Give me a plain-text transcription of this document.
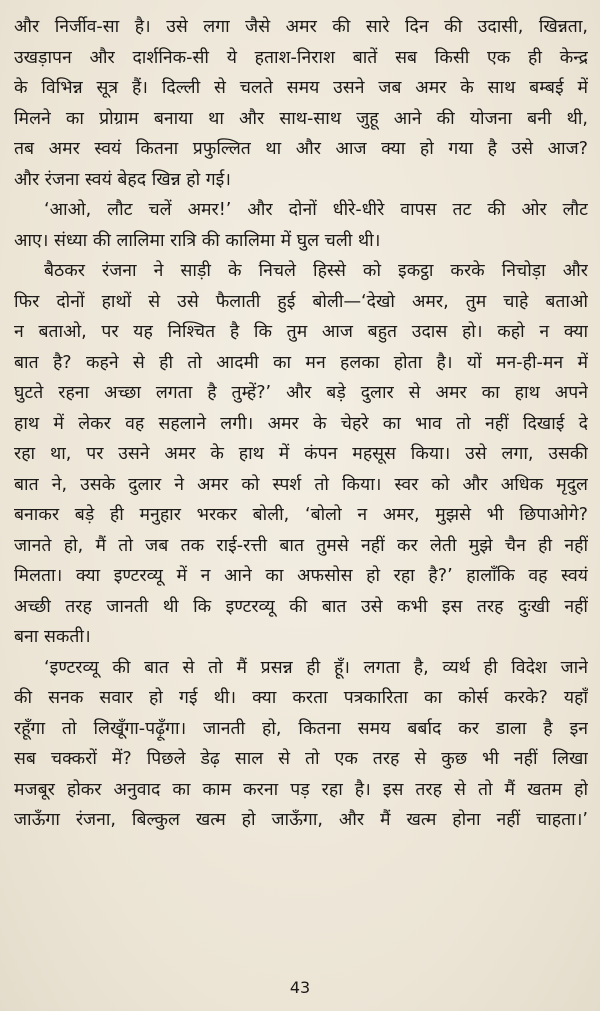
और निर्जीव-सा है। उसे लगा जैसे अमर की सारे दिन की उदासी, खिन्नता,
उखड़ापन और दार्शनिक-सी ये हताश-निराश बातें सब किसी एक ही केन्द्र
के विभिन्न सूत्र हैं। दिल्ली से चलते समय उसने जब अमर के साथ बम्बई में
मिलने का प्रोग्राम बनाया था और साथ-साथ जुहू आने की योजना बनी थी,
तब अमर स्वयं कितना प्रफुल्लित था और आज क्या हो गया है उसे आज?
और रंजना स्वयं बेहद खिन्न हो गई।
‘आओ, लौट चलें अमर!’ और दोनों धीरे-धीरे वापस तट की ओर लौट
आए। संध्या की लालिमा रात्रि की कालिमा में घुल चली थी।
बैठकर रंजना ने साड़ी के निचले हिस्से को इकट्ठा करके निचोड़ा और
फिर दोनों हाथों से उसे फैलाती हुई बोली—‘देखो अमर, तुम चाहे बताओ
न बताओ, पर यह निश्चित है कि तुम आज बहुत उदास हो। कहो न क्या
बात है? कहने से ही तो आदमी का मन हलका होता है। यों मन-ही-मन में
घुटते रहना अच्छा लगता है तुम्हें?’ और बड़े दुलार से अमर का हाथ अपने
हाथ में लेकर वह सहलाने लगी। अमर के चेहरे का भाव तो नहीं दिखाई दे
रहा था, पर उसने अमर के हाथ में कंपन महसूस किया। उसे लगा, उसकी
बात ने, उसके दुलार ने अमर को स्पर्श तो किया। स्वर को और अधिक मृदुल
बनाकर बड़े ही मनुहार भरकर बोली, ‘बोलो न अमर, मुझसे भी छिपाओगे?
जानते हो, मैं तो जब तक राई-रत्ती बात तुमसे नहीं कर लेती मुझे चैन ही नहीं
मिलता। क्या इण्टरव्यू में न आने का अफसोस हो रहा है?’ हालाँकि वह स्वयं
अच्छी तरह जानती थी कि इण्टरव्यू की बात उसे कभी इस तरह दुःखी नहीं
बना सकती।
‘इण्टरव्यू की बात से तो मैं प्रसन्न ही हूँ। लगता है, व्यर्थ ही विदेश जाने
की सनक सवार हो गई थी। क्या करता पत्रकारिता का कोर्स करके? यहाँ
रहूँगा तो लिखूँगा-पढ़ूँगा। जानती हो, कितना समय बर्बाद कर डाला है इन
सब चक्करों में? पिछले डेढ़ साल से तो एक तरह से कुछ भी नहीं लिखा
मजबूर होकर अनुवाद का काम करना पड़ रहा है। इस तरह से तो मैं खतम हो
जाऊँगा रंजना, बिल्कुल खत्म हो जाऊँगा, और मैं खत्म होना नहीं चाहता।’
43
